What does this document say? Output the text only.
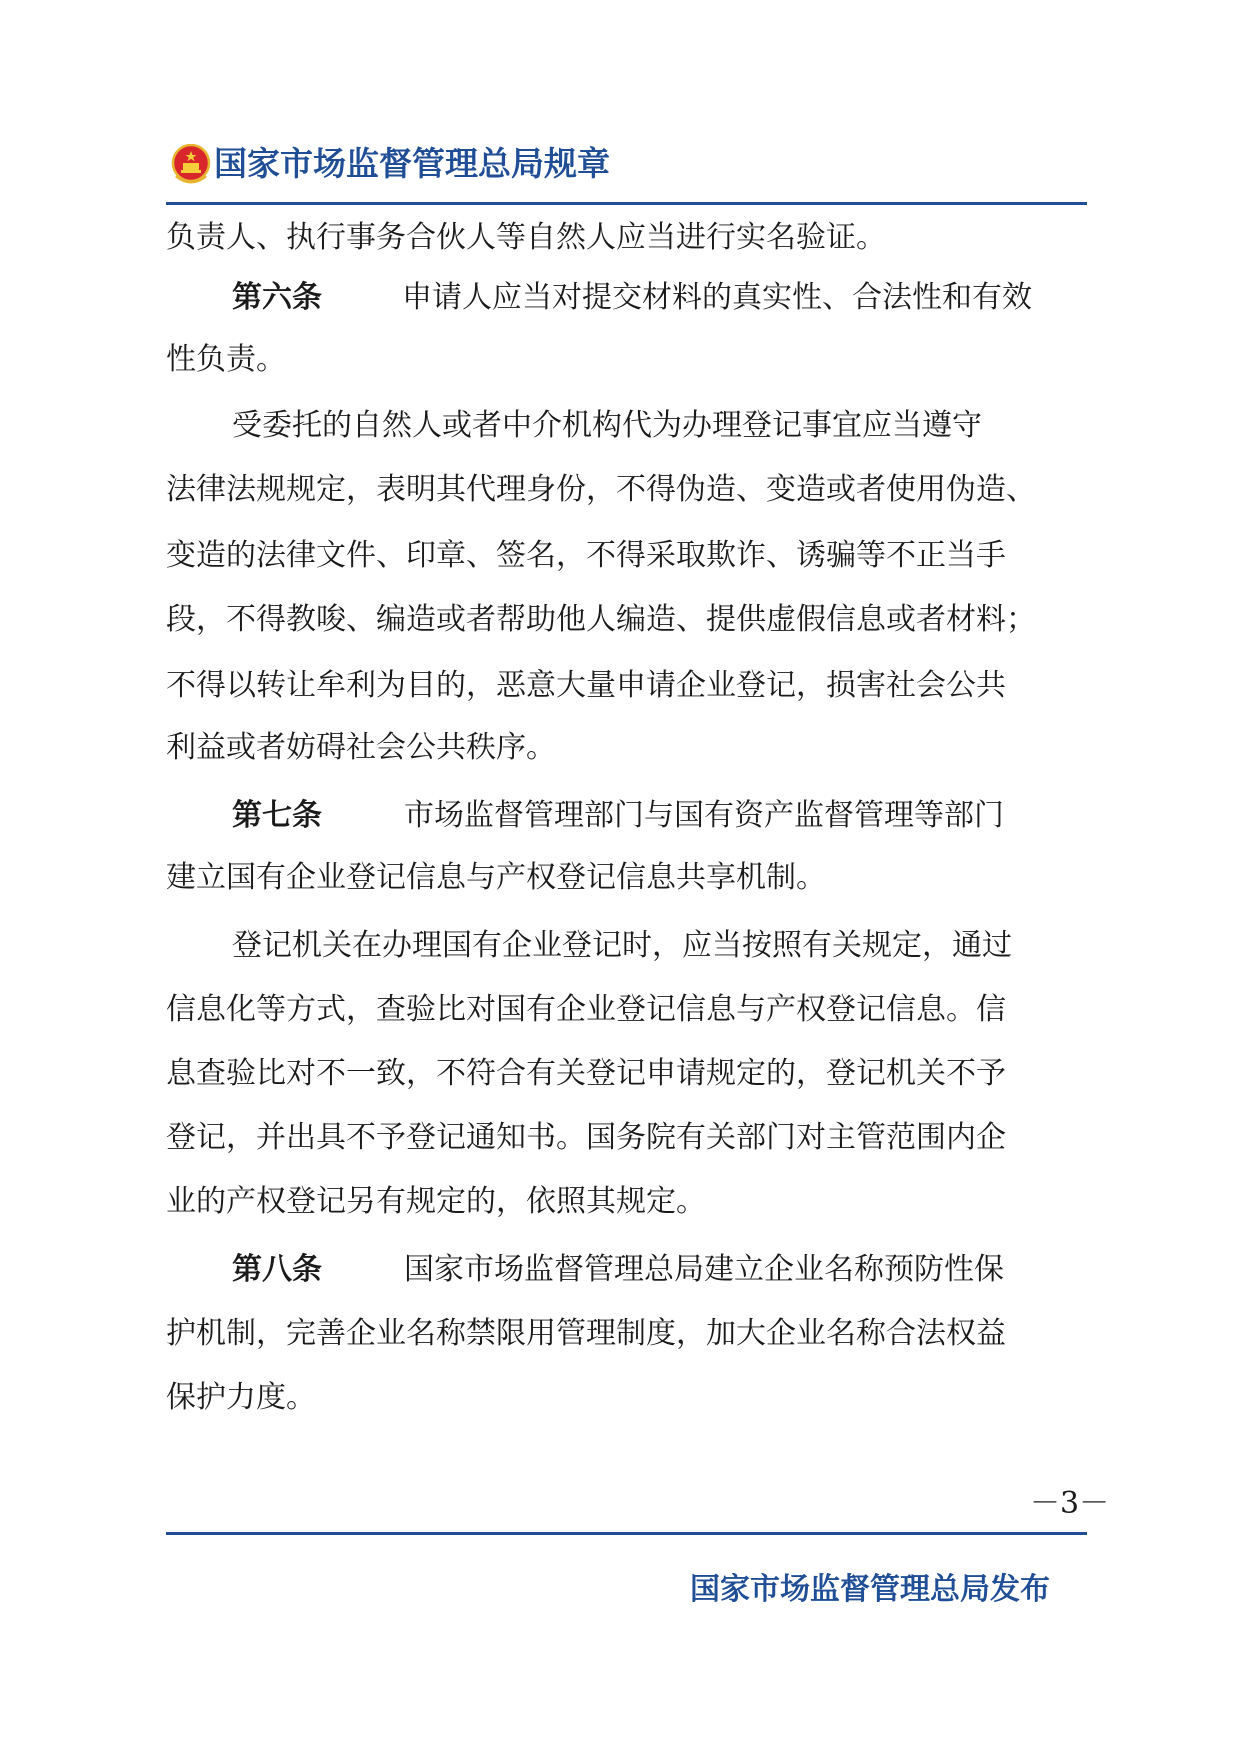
国家市场监督管理总局规章
负责人、执行事务合伙人等自然人应当进行实名验证。
第六条	申请人应当对提交材料的真实性、合法性和有效
性负责。
受委托的自然人或者中介机构代为办理登记事宜应当遵守
法律法规规定，表明其代理身份，不得伪造、变造或者使用伪造、
变造的法律文件、印章、签名，不得采取欺诈、诱骗等不正当手
段，不得教唆、编造或者帮助他人编造、提供虚假信息或者材料；
不得以转让牟利为目的，恶意大量申请企业登记，损害社会公共
利益或者妨碍社会公共秩序。
第七条	市场监督管理部门与国有资产监督管理等部门
建立国有企业登记信息与产权登记信息共享机制。
登记机关在办理国有企业登记时，应当按照有关规定，通过
信息化等方式，查验比对国有企业登记信息与产权登记信息。信
息查验比对不一致，不符合有关登记申请规定的，登记机关不予
登记，并出具不予登记通知书。国务院有关部门对主管范围内企
业的产权登记另有规定的，依照其规定。
第八条	国家市场监督管理总局建立企业名称预防性保
护机制，完善企业名称禁限用管理制度，加大企业名称合法权益
保护力度。
－3－
国家市场监督管理总局发布
